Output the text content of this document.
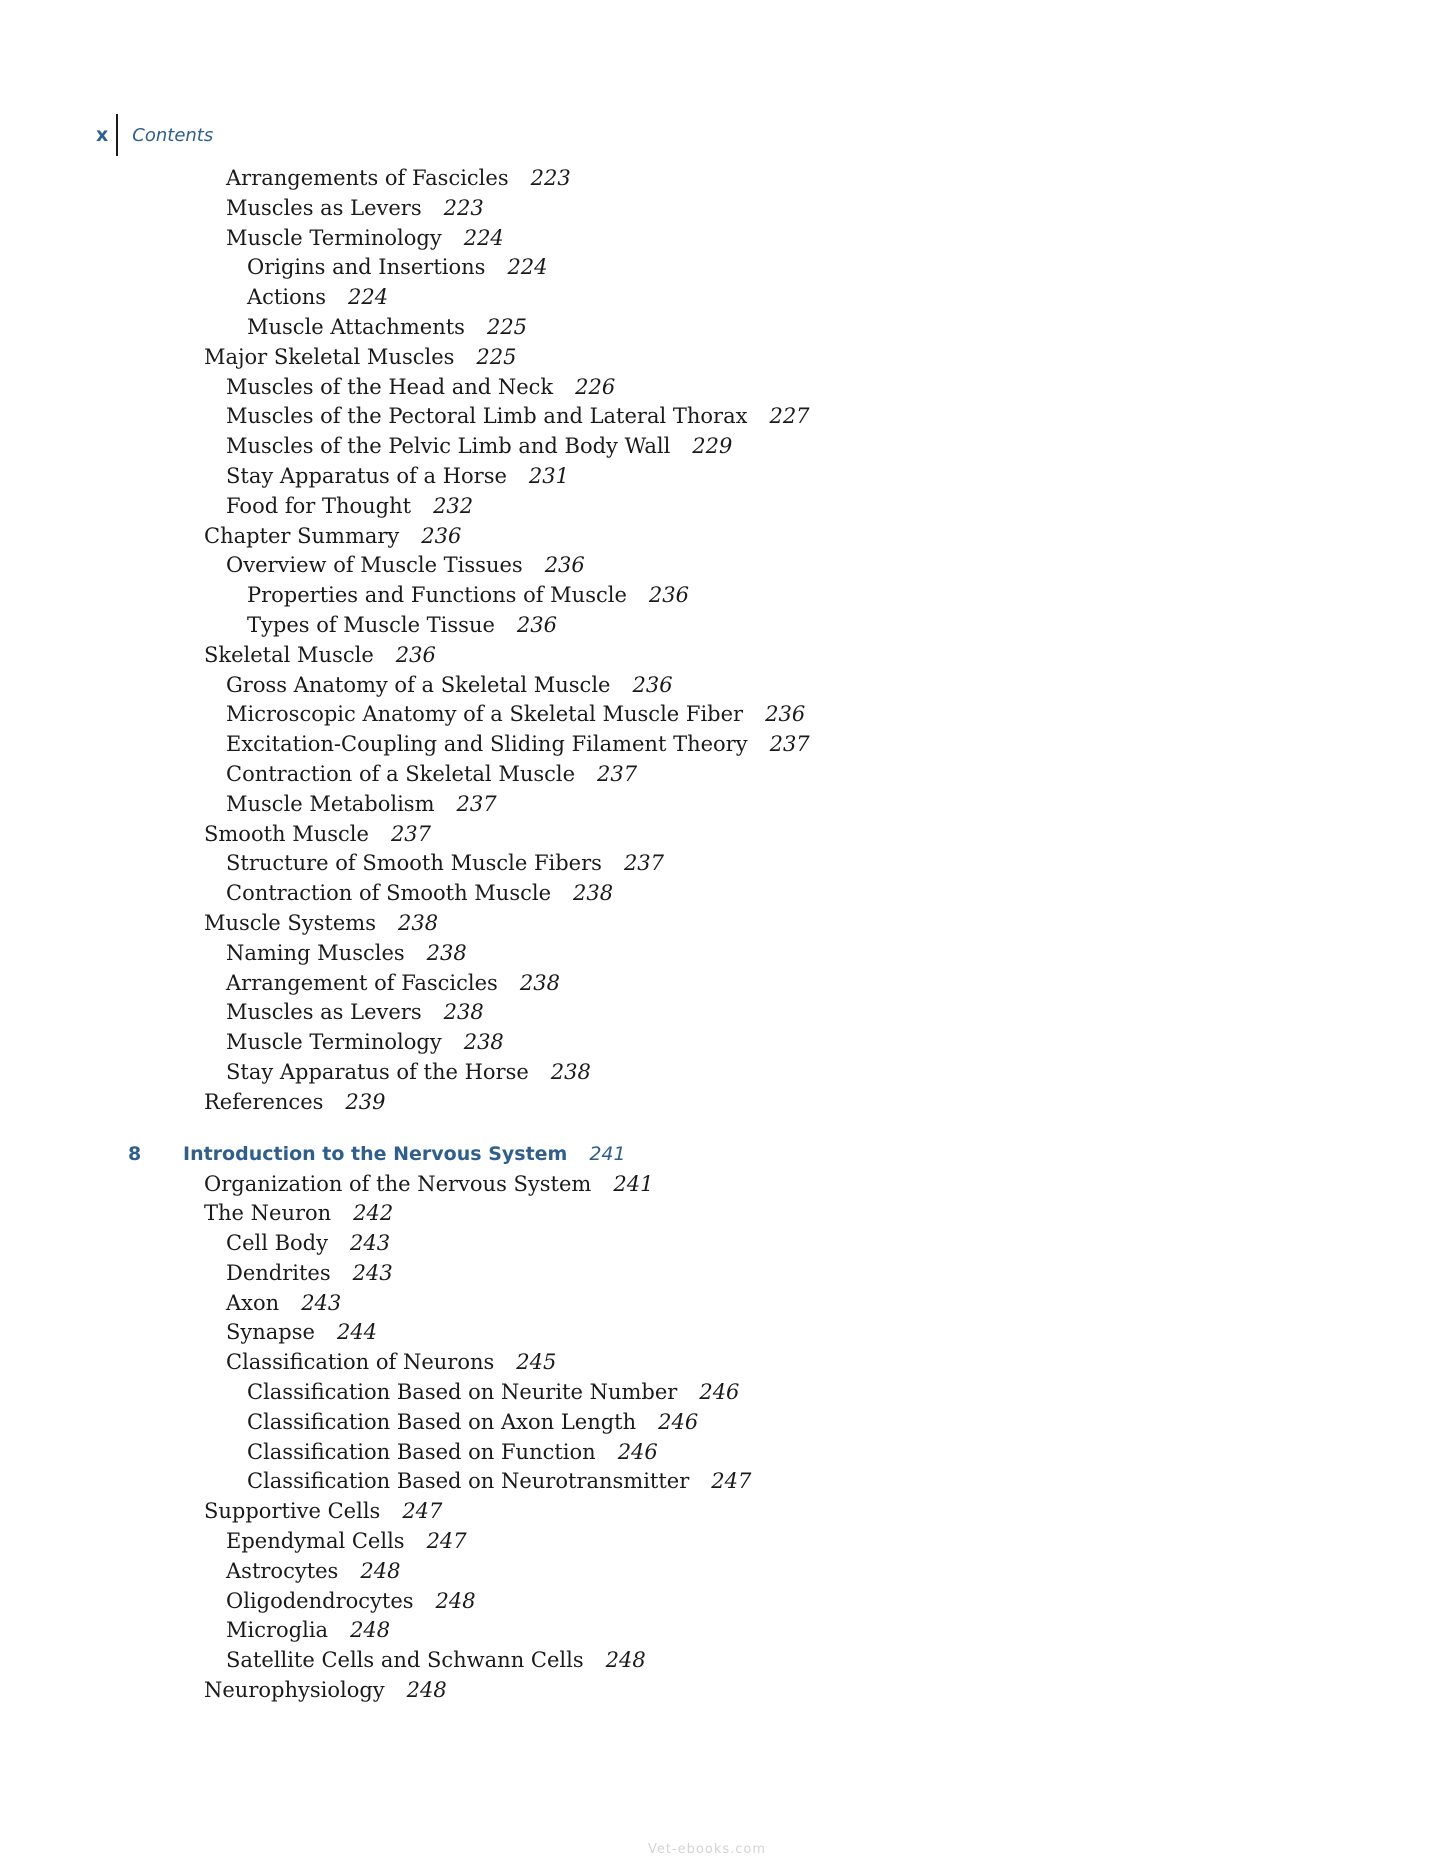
x	Contents
Arrangements of Fascicles 223
Muscles as Levers 223
Muscle Terminology 224
Origins and Insertions 224
Actions 224
Muscle Attachments 225
Major Skeletal Muscles 225
Muscles of the Head and Neck 226
Muscles of the Pectoral Limb and Lateral Thorax 227
Muscles of the Pelvic Limb and Body Wall 229
Stay Apparatus of a Horse 231
Food for Thought 232
Chapter Summary 236
Overview of Muscle Tissues 236
Properties and Functions of Muscle 236
Types of Muscle Tissue 236
Skeletal Muscle 236
Gross Anatomy of a Skeletal Muscle 236
Microscopic Anatomy of a Skeletal Muscle Fiber 236
Excitation-Coupling and Sliding Filament Theory 237
Contraction of a Skeletal Muscle 237
Muscle Metabolism 237
Smooth Muscle 237
Structure of Smooth Muscle Fibers 237
Contraction of Smooth Muscle 238
Muscle Systems 238
Naming Muscles 238
Arrangement of Fascicles 238
Muscles as Levers 238
Muscle Terminology 238
Stay Apparatus of the Horse 238
References 239
8 Introduction to the Nervous System 241
Organization of the Nervous System 241
The Neuron 242
Cell Body 243
Dendrites 243
Axon 243
Synapse 244
Classification of Neurons 245
Classification Based on Neurite Number 246
Classification Based on Axon Length 246
Classification Based on Function 246
Classification Based on Neurotransmitter 247
Supportive Cells 247
Ependymal Cells 247
Astrocytes 248
Oligodendrocytes 248
Microglia 248
Satellite Cells and Schwann Cells 248
Neurophysiology 248
Vet-ebooks.com
